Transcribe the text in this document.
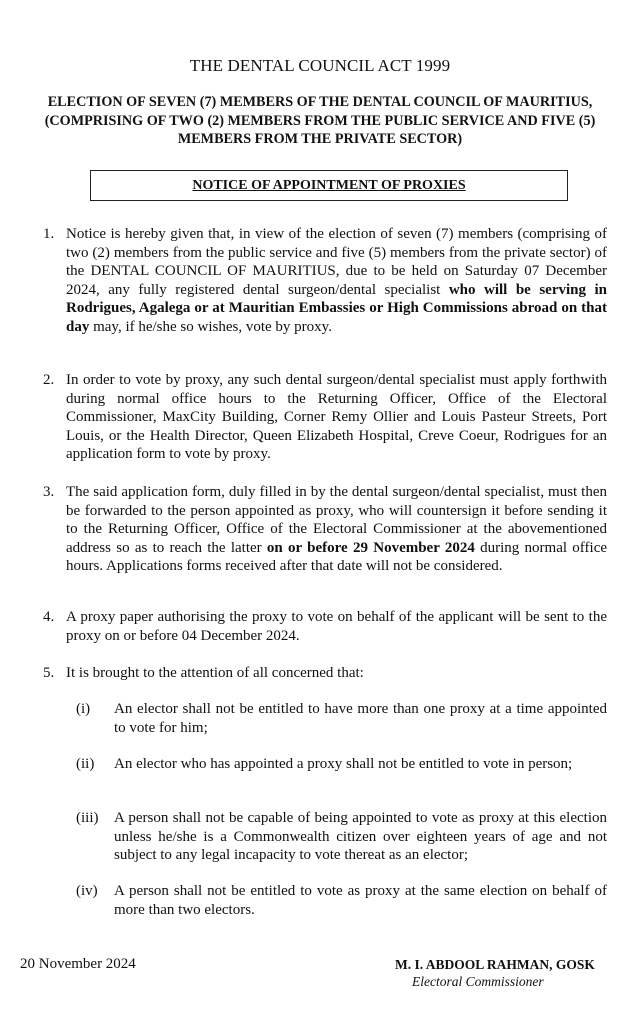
THE DENTAL COUNCIL ACT 1999
ELECTION OF SEVEN (7) MEMBERS OF THE DENTAL COUNCIL OF MAURITIUS,
(COMPRISING OF TWO (2) MEMBERS FROM THE PUBLIC SERVICE AND FIVE (5)
MEMBERS FROM THE PRIVATE SECTOR)
NOTICE OF APPOINTMENT OF PROXIES
1. Notice is hereby given that, in view of the election of seven (7) members (comprising of two (2) members from the public service and five (5) members from the private sector) of the DENTAL COUNCIL OF MAURITIUS, due to be held on Saturday 07 December 2024, any fully registered dental surgeon/dental specialist who will be serving in Rodrigues, Agalega or at Mauritian Embassies or High Commissions abroad on that day may, if he/she so wishes, vote by proxy.
2. In order to vote by proxy, any such dental surgeon/dental specialist must apply forthwith during normal office hours to the Returning Officer, Office of the Electoral Commissioner, MaxCity Building, Corner Remy Ollier and Louis Pasteur Streets, Port Louis, or the Health Director, Queen Elizabeth Hospital, Creve Coeur, Rodrigues for an application form to vote by proxy.
3. The said application form, duly filled in by the dental surgeon/dental specialist, must then be forwarded to the person appointed as proxy, who will countersign it before sending it to the Returning Officer, Office of the Electoral Commissioner at the abovementioned address so as to reach the latter on or before 29 November 2024 during normal office hours. Applications forms received after that date will not be considered.
4. A proxy paper authorising the proxy to vote on behalf of the applicant will be sent to the proxy on or before 04 December 2024.
5. It is brought to the attention of all concerned that:
(i) An elector shall not be entitled to have more than one proxy at a time appointed to vote for him;
(ii) An elector who has appointed a proxy shall not be entitled to vote in person;
(iii) A person shall not be capable of being appointed to vote as proxy at this election unless he/she is a Commonwealth citizen over eighteen years of age and not subject to any legal incapacity to vote thereat as an elector;
(iv) A person shall not be entitled to vote as proxy at the same election on behalf of more than two electors.
20 November 2024	M. I. ABDOOL RAHMAN, GOSK
Electoral Commissioner
